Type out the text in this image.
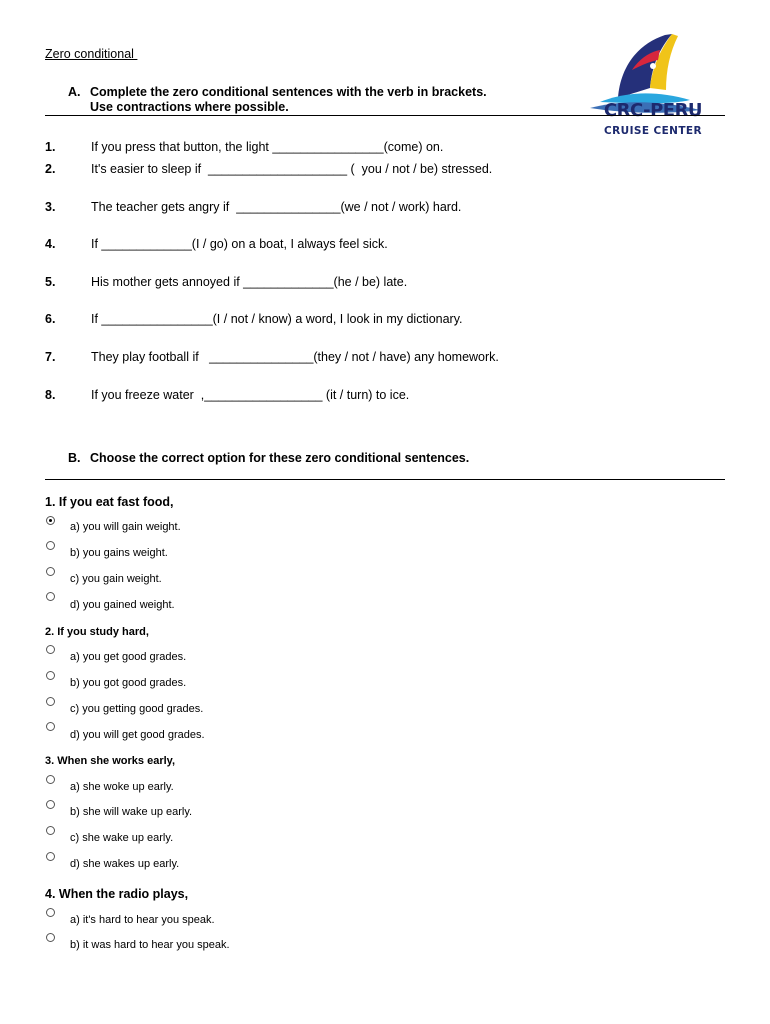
Zero conditional
CRC-PERU
CRUISE CENTER
A. Complete the zero conditional sentences with the verb in brackets.
Use contractions where possible.
1.	If you press that button, the light ________________(come) on.
2.	It's easier to sleep if  ____________________ (  you / not / be) stressed.
3.	The teacher gets angry if  _______________(we / not / work) hard.
4.	If _____________(I / go) on a boat, I always feel sick.
5.	His mother gets annoyed if _____________(he / be) late.
6.	If ________________(I / not / know) a word, I look in my dictionary.
7.	They play football if   _______________(they / not / have) any homework.
8.	If you freeze water  ,_________________ (it / turn) to ice.
B. Choose the correct option for these zero conditional sentences.
1. If you eat fast food,
a) you will gain weight.
b) you gains weight.
c) you gain weight.
d) you gained weight.
2. If you study hard,
a) you get good grades.
b) you got good grades.
c) you getting good grades.
d) you will get good grades.
3. When she works early,
a) she woke up early.
b) she will wake up early.
c) she wake up early.
d) she wakes up early.
4. When the radio plays,
a) it's hard to hear you speak.
b) it was hard to hear you speak.
